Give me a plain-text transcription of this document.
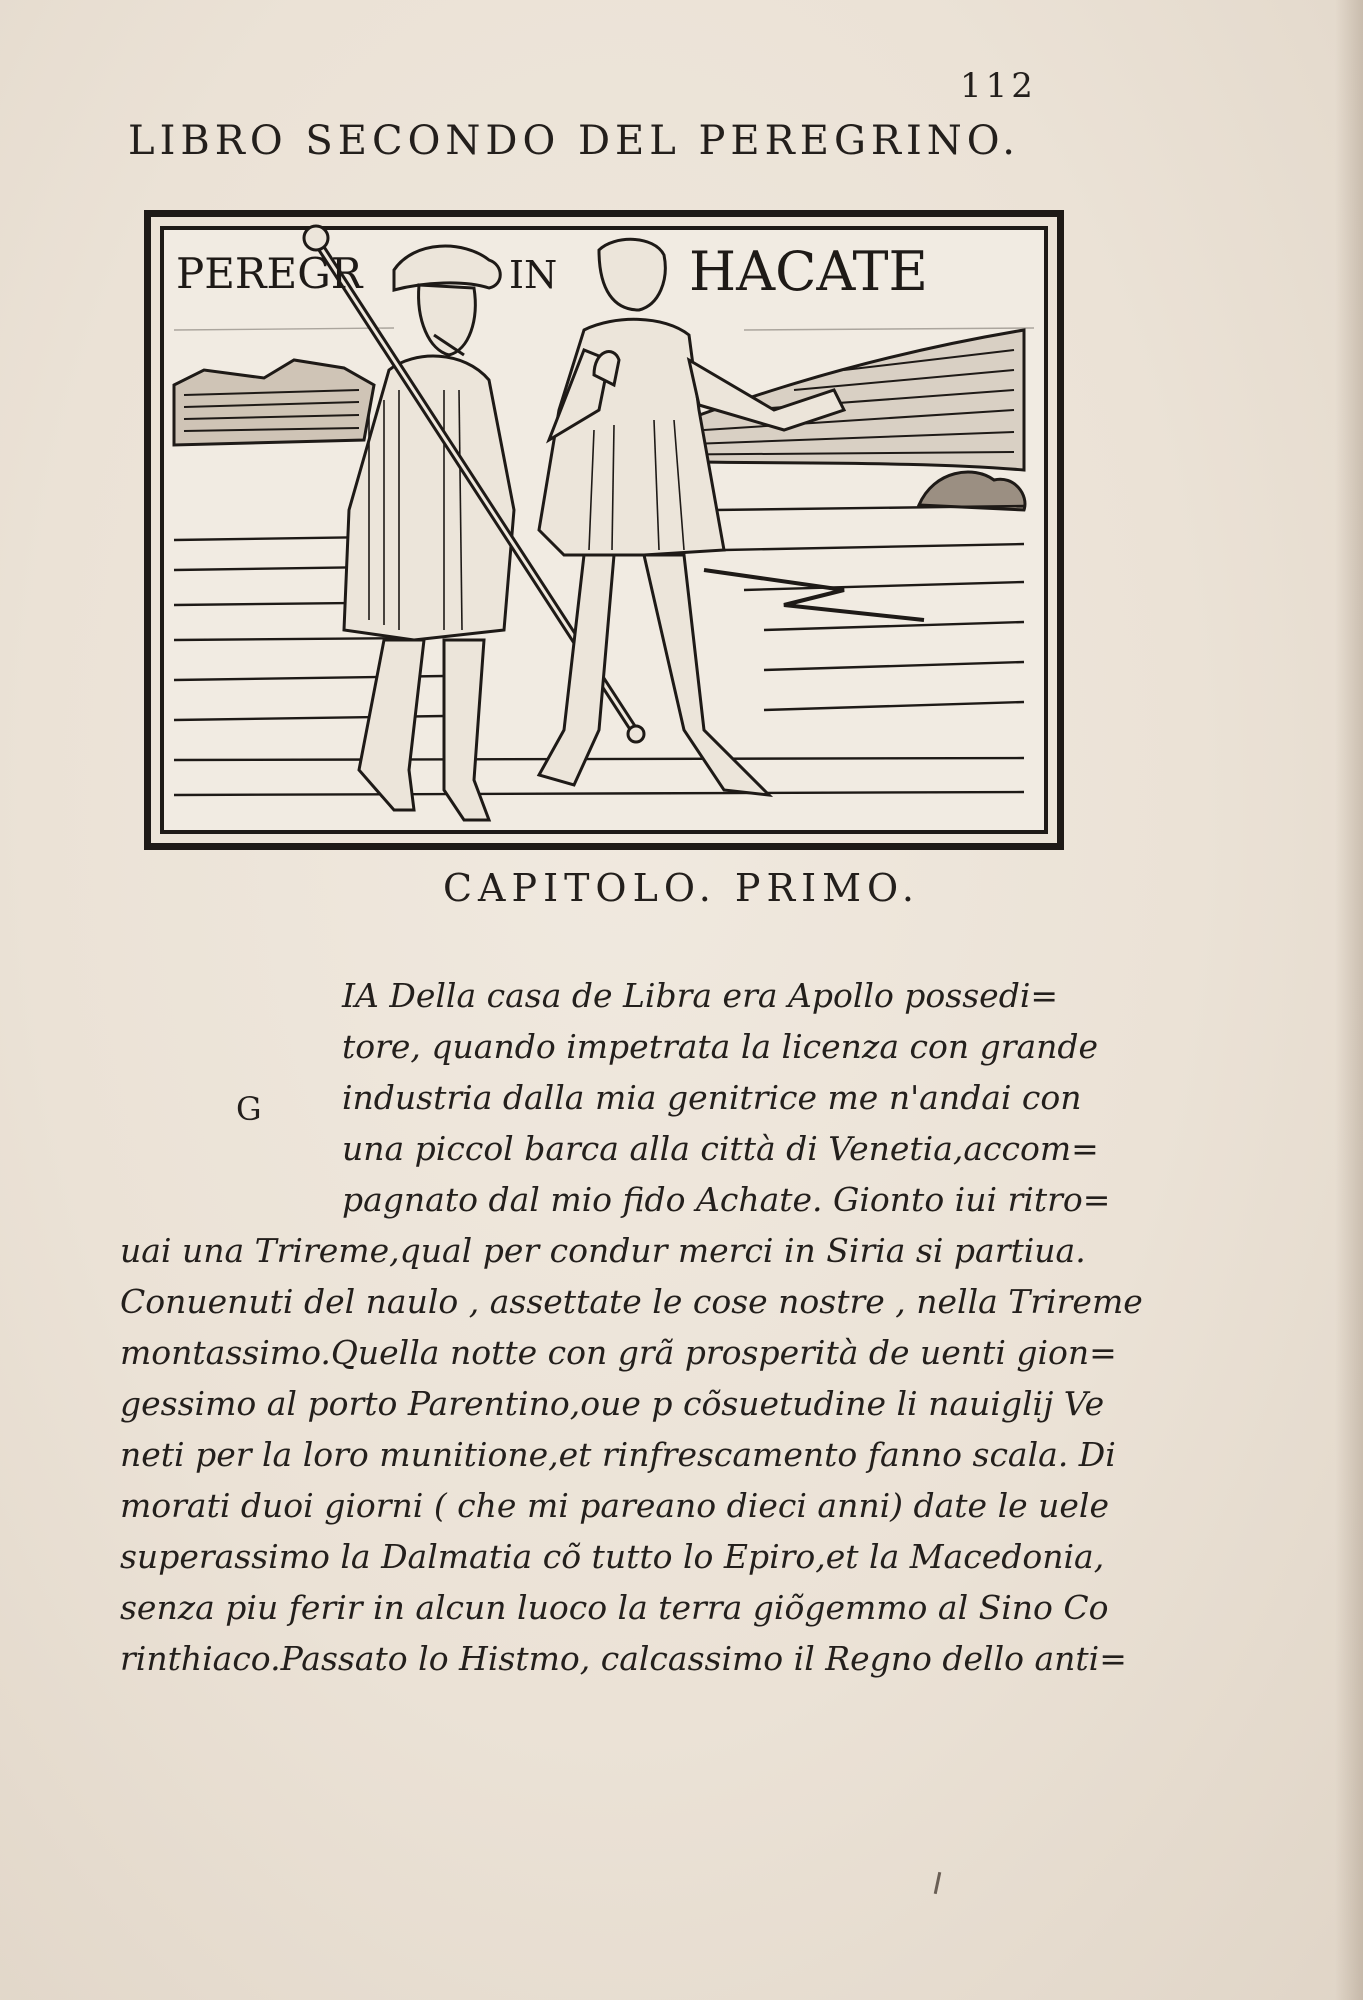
112
LIBRO SECONDO DEL PEREGRINO.
PEREGR	IN HACATE
CAPITOLO. PRIMO.
G
IA Della casa de Libra era Apollo possedi=
tore, quando impetrata la licenza con grande
industria dalla mia genitrice me n'andai con
una piccol barca alla città di Venetia,accom=
pagnato dal mio fido Achate. Gionto iui ritro=
uai una Trireme,qual per condur merci in Siria si partiua.
Conuenuti del naulo , assettate le cose nostre , nella Trireme
montassimo.Quella notte con grã prosperità de uenti gion=
gessimo al porto Parentino,oue p cõsuetudine li nauiglij Ve
neti per la loro munitione,et rinfrescamento fanno scala. Di
morati duoi giorni ( che mi pareano dieci anni) date le uele
superassimo la Dalmatia cõ tutto lo Epiro,et la Macedonia,
senza piu ferir in alcun luoco la terra giõgemmo al Sino Co
rinthiaco.Passato lo Histmo, calcassimo il Regno dello anti=
